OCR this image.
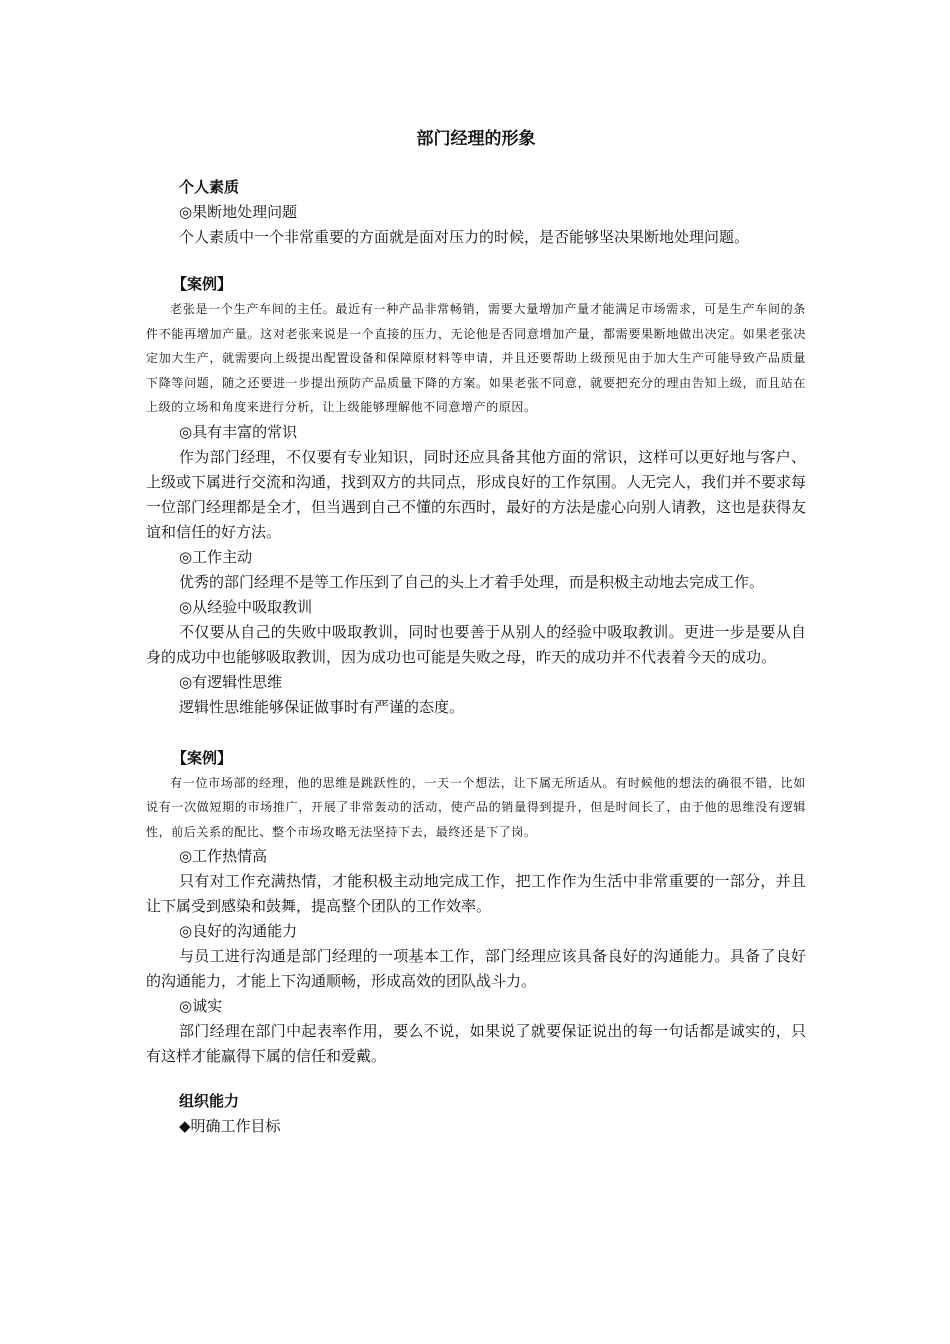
部门经理的形象

个人素质

◎果断地处理问题

个人素质中一个非常重要的方面就是面对压力的时候，是否能够坚决果断地处理问题。

【案例】

老张是一个生产车间的主任。最近有一种产品非常畅销，需要大量增加产量才能满足市场需求，可是生产车间的条件不能再增加产量。这对老张来说是一个直接的压力，无论他是否同意增加产量，都需要果断地做出决定。如果老张决定加大生产，就需要向上级提出配置设备和保障原材料等申请，并且还要帮助上级预见由于加大生产可能导致产品质量下降等问题，随之还要进一步提出预防产品质量下降的方案。如果老张不同意，就要把充分的理由告知上级，而且站在上级的立场和角度来进行分析，让上级能够理解他不同意增产的原因。

◎具有丰富的常识

作为部门经理，不仅要有专业知识，同时还应具备其他方面的常识，这样可以更好地与客户、上级或下属进行交流和沟通，找到双方的共同点，形成良好的工作氛围。人无完人，我们并不要求每一位部门经理都是全才，但当遇到自己不懂的东西时，最好的方法是虚心向别人请教，这也是获得友谊和信任的好方法。

◎工作主动

优秀的部门经理不是等工作压到了自己的头上才着手处理，而是积极主动地去完成工作。

◎从经验中吸取教训

不仅要从自己的失败中吸取教训，同时也要善于从别人的经验中吸取教训。更进一步是要从自身的成功中也能够吸取教训，因为成功也可能是失败之母，昨天的成功并不代表着今天的成功。

◎有逻辑性思维

逻辑性思维能够保证做事时有严谨的态度。

【案例】

有一位市场部的经理，他的思维是跳跃性的，一天一个想法，让下属无所适从。有时候他的想法的确很不错，比如说有一次做短期的市场推广，开展了非常轰动的活动，使产品的销量得到提升，但是时间长了，由于他的思维没有逻辑性，前后关系的配比、整个市场攻略无法坚持下去，最终还是下了岗。

◎工作热情高

只有对工作充满热情，才能积极主动地完成工作，把工作作为生活中非常重要的一部分，并且让下属受到感染和鼓舞，提高整个团队的工作效率。

◎良好的沟通能力

与员工进行沟通是部门经理的一项基本工作，部门经理应该具备良好的沟通能力。具备了良好的沟通能力，才能上下沟通顺畅，形成高效的团队战斗力。

◎诚实

部门经理在部门中起表率作用，要么不说，如果说了就要保证说出的每一句话都是诚实的，只有这样才能赢得下属的信任和爱戴。

组织能力

◆明确工作目标
